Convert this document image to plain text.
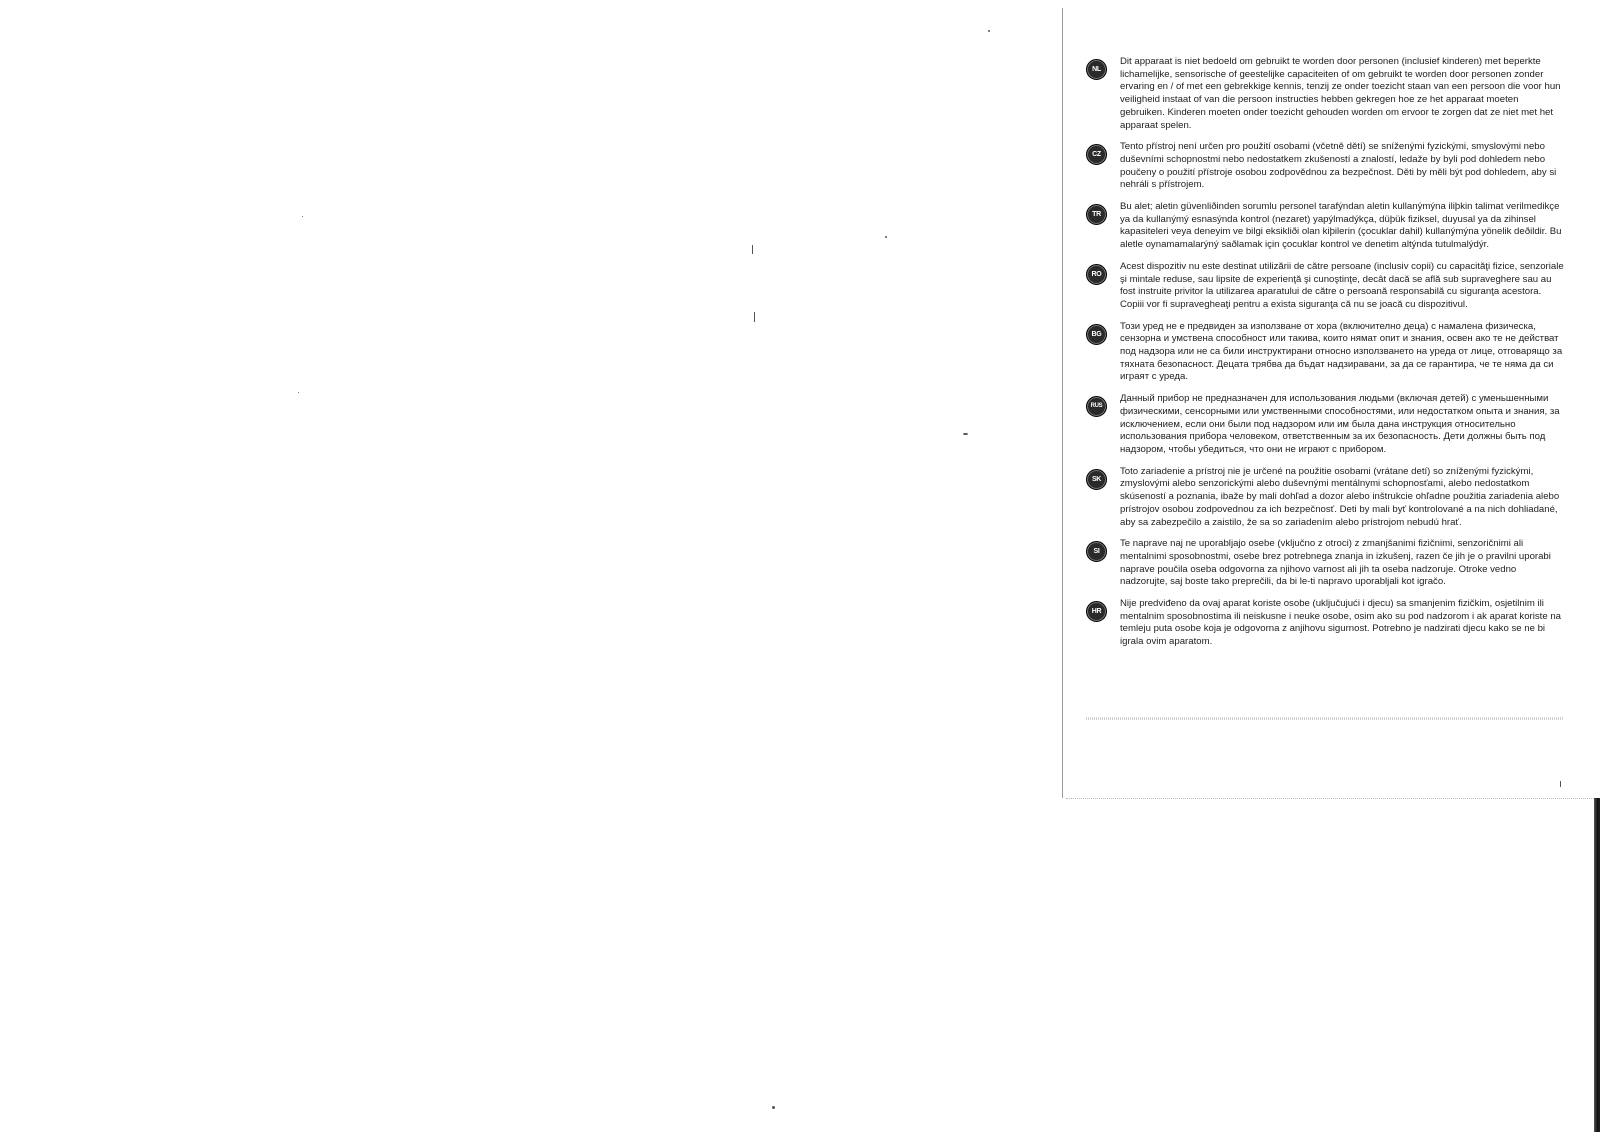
NL

Dit apparaat is niet bedoeld om gebruikt te worden door personen (inclusief kinderen) met beperkte lichamelijke, sensorische of geestelijke capaciteiten of om gebruikt te worden door personen zonder ervaring en / of met een gebrekkige kennis, tenzij ze onder toezicht staan van een persoon die voor hun veiligheid instaat of van die persoon instructies hebben gekregen hoe ze het apparaat moeten gebruiken. Kinderen moeten onder toezicht gehouden worden om ervoor te zorgen dat ze niet met het apparaat spelen.

CZ

Tento přístroj není určen pro použití osobami (včetně dětí) se sníženými fyzickými, smyslovými nebo duševními schopnostmi nebo nedostatkem zkušeností a znalostí, ledaže by byli pod dohledem nebo poučeny o použití přístroje osobou zodpovědnou za bezpečnost. Děti by měli být pod dohledem, aby si nehráli s přístrojem.

TR

Bu alet; aletin güvenliðinden sorumlu personel tarafýndan aletin kullanýmýna iliþkin talimat verilmedikçe ya da kullanýmý esnasýnda kontrol (nezaret) yapýlmadýkça, düþük fiziksel, duyusal ya da zihinsel kapasiteleri veya deneyim ve bilgi eksikliði olan kiþilerin (çocuklar dahil) kullanýmýna yönelik deðildir. Bu aletle oynamamalarýný saðlamak için çocuklar kontrol ve denetim altýnda tutulmalýdýr.

RO

Acest dispozitiv nu este destinat utilizării de către persoane (inclusiv copii) cu capacităţi fizice, senzoriale şi mintale reduse, sau lipsite de experienţă şi cunoştinţe, decât dacă se află sub supraveghere sau au fost instruite privitor la utilizarea aparatului de către o persoană responsabilă cu siguranţa acestora. Copiii vor fi supravegheaţi pentru a exista siguranţa că nu se joacă cu dispozitivul.

BG

Този уред не е предвиден за използване от хора (включително деца) с намалена физическа, сензорна и умствена способност или такива, които нямат опит и знания, освен ако те не действат под надзора или не са били инструктирани относно използването на уреда от лице, отговарящо за тяхната безопасност. Децата трябва да бъдат надзиравани, за да се гарантира, че те няма да си играят с уреда.

RUS

Данный прибор не предназначен для использования людьми (включая детей) с уменьшенными физическими, сенсорными или умственными способностями, или недостатком опыта и знания, за исключением, если они были под надзором или им была дана инструкция относительно использования прибора человеком, ответственным за их безопасность. Дети должны быть под надзором, чтобы убедиться, что они не играют с прибором.

SK

Toto zariadenie a prístroj nie je určené na použitie osobami (vrátane detí) so zníženými fyzickými, zmyslovými alebo senzorickými alebo duševnými mentálnymi schopnosťami, alebo nedostatkom skúseností a poznania, ibaže by mali dohľad a dozor alebo inštrukcie ohľadne použitia zariadenia alebo prístrojov osobou zodpovednou za ich bezpečnosť. Deti by mali byť kontrolované a na nich dohliadané, aby sa zabezpečilo a zaistilo, že sa so zariadením alebo prístrojom nebudú hrať.

SI

Te naprave naj ne uporabljajo osebe (vključno z otroci) z zmanjšanimi fizičnimi, senzoričnimi ali mentalnimi sposobnostmi, osebe brez potrebnega znanja in izkušenj, razen če jih je o pravilni uporabi naprave poučila oseba odgovorna za njihovo varnost ali jih ta oseba nadzoruje. Otroke vedno nadzorujte, saj boste tako preprečili, da bi le-ti napravo uporabljali kot igračo.

HR

Nije predviđeno da ovaj aparat koriste osobe (uključujući i djecu) sa smanjenim fizičkim, osjetilnim ili mentalnim sposobnostima ili neiskusne i neuke osobe, osim ako su pod nadzorom i ak aparat koriste na temleju puta osobe koja je odgovorna z anjihovu sigurnost. Potrebno je nadzirati djecu kako se ne bi igrala ovim aparatom.
